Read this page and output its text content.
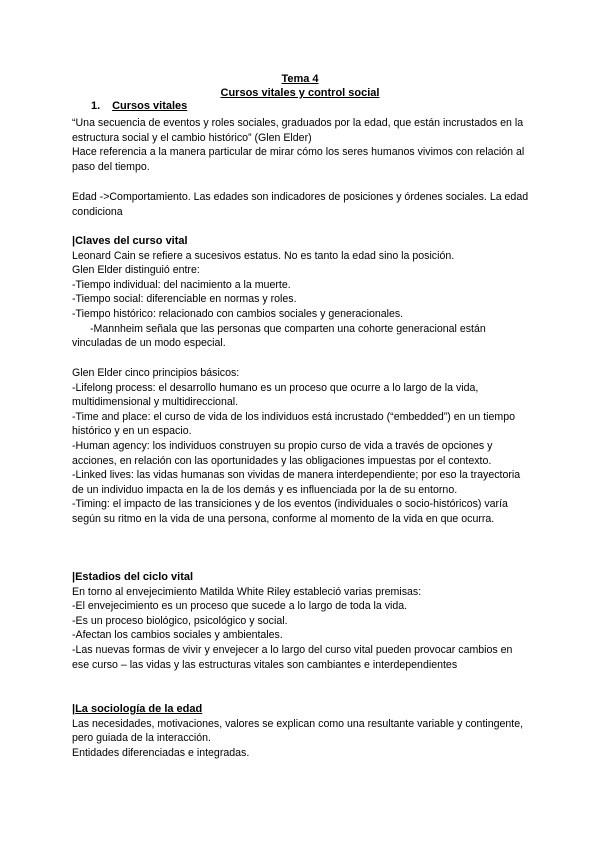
Tema 4
Cursos vitales y control social
1. Cursos vitales

“Una secuencia de eventos y roles sociales, graduados por la edad, que están incrustados en la estructura social y el cambio histórico” (Glen Elder)

Hace referencia a la manera particular de mirar cómo los seres humanos vivimos con relación al paso del tiempo.

Edad ->Comportamiento. Las edades son indicadores de posiciones y órdenes sociales. La edad condiciona

|Claves del curso vital

Leonard Cain se refiere a sucesivos estatus. No es tanto la edad sino la posición.

Glen Elder distinguió entre:

-Tiempo individual: del nacimiento a la muerte.

-Tiempo social: diferenciable en normas y roles.

-Tiempo histórico: relacionado con cambios sociales y generacionales.

-Mannheim señala que las personas que comparten una cohorte generacional están vinculadas de un modo especial.

Glen Elder cinco principios básicos:

-Lifelong process: el desarrollo humano es un proceso que ocurre a lo largo de la vida, multidimensional y multidireccional.

-Time and place: el curso de vida de los individuos está incrustado (“embedded”) en un tiempo histórico y en un espacio.

-Human agency: los individuos construyen su propio curso de vida a través de opciones y acciones, en relación con las oportunidades y las obligaciones impuestas por el contexto.

-Linked lives: las vidas humanas son vividas de manera interdependiente; por eso la trayectoria de un individuo impacta en la de los demás y es influenciada por la de su entorno.

-Timing: el impacto de las transiciones y de los eventos (individuales o socio-históricos) varía según su ritmo en la vida de una persona, conforme al momento de la vida en que ocurra.

|Estadios del ciclo vital

En torno al envejecimiento Matilda White Riley estableció varias premisas:

-El envejecimiento es un proceso que sucede a lo largo de toda la vida.

-Es un proceso biológico, psicológico y social.

-Afectan los cambios sociales y ambientales.

-Las nuevas formas de vivir y envejecer a lo largo del curso vital pueden provocar cambios en ese curso – las vidas y las estructuras vitales son cambiantes e interdependientes

|La sociología de la edad

Las necesidades, motivaciones, valores se explican como una resultante variable y contingente, pero guiada de la interacción.

Entidades diferenciadas e integradas.
